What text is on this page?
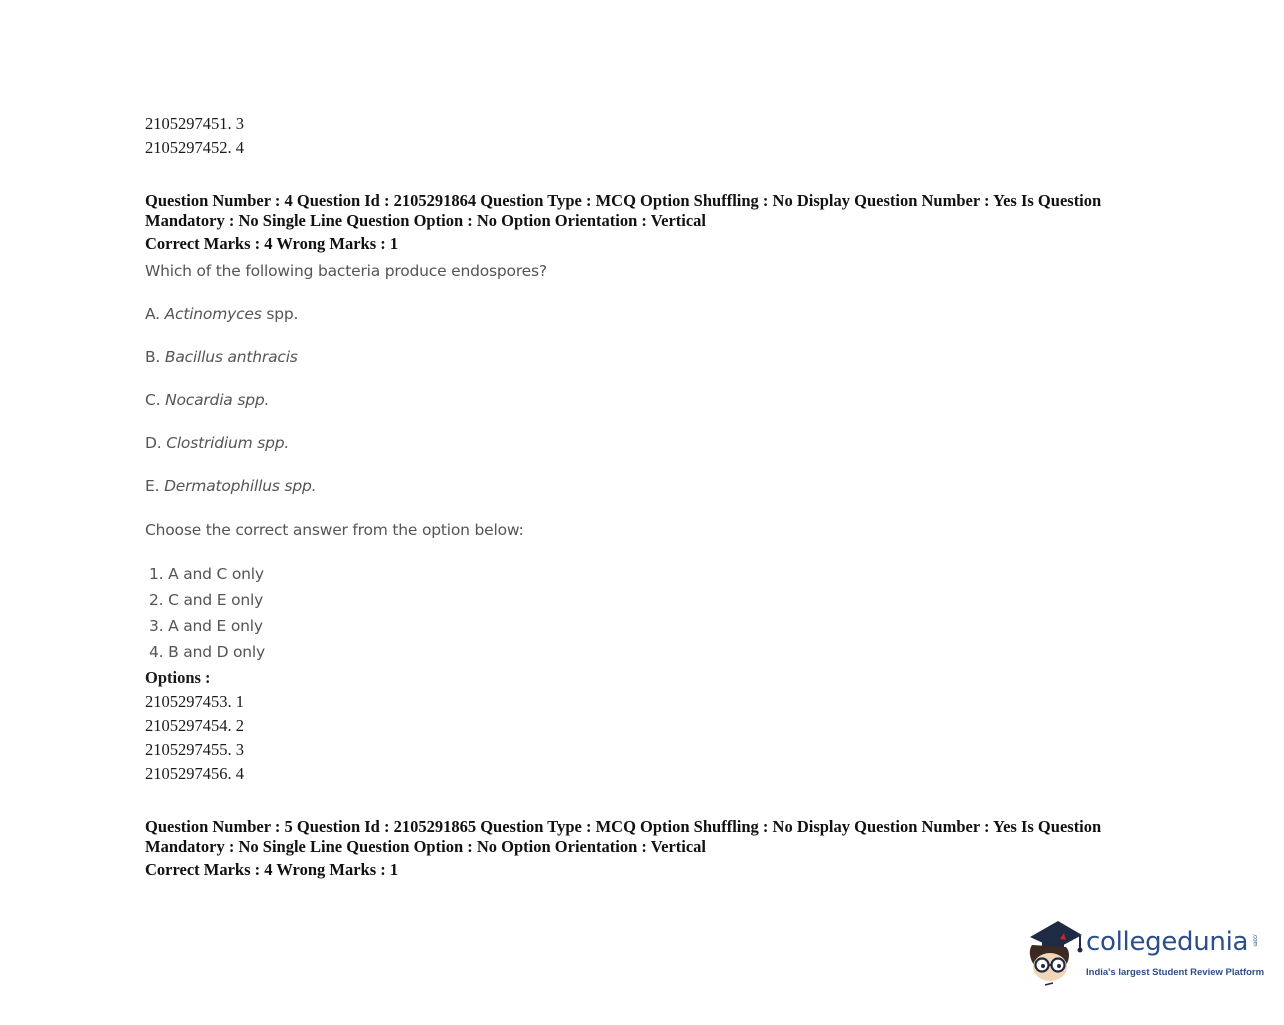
2105297451. 3
2105297452. 4
Question Number : 4 Question Id : 2105291864 Question Type : MCQ Option Shuffling : No Display Question Number : Yes Is Question
Mandatory : No Single Line Question Option : No Option Orientation : Vertical
Correct Marks : 4 Wrong Marks : 1
Which of the following bacteria produce endospores?
A. Actinomyces spp.
B. Bacillus anthracis
C. Nocardia spp.
D. Clostridium spp.
E. Dermatophillus spp.
Choose the correct answer from the option below:
1. A and C only
2. C and E only
3. A and E only
4. B and D only
Options :
2105297453. 1
2105297454. 2
2105297455. 3
2105297456. 4
Question Number : 5 Question Id : 2105291865 Question Type : MCQ Option Shuffling : No Display Question Number : Yes Is Question
Mandatory : No Single Line Question Option : No Option Orientation : Vertical
Correct Marks : 4 Wrong Marks : 1
collegedunia .com
India's largest Student Review Platform
